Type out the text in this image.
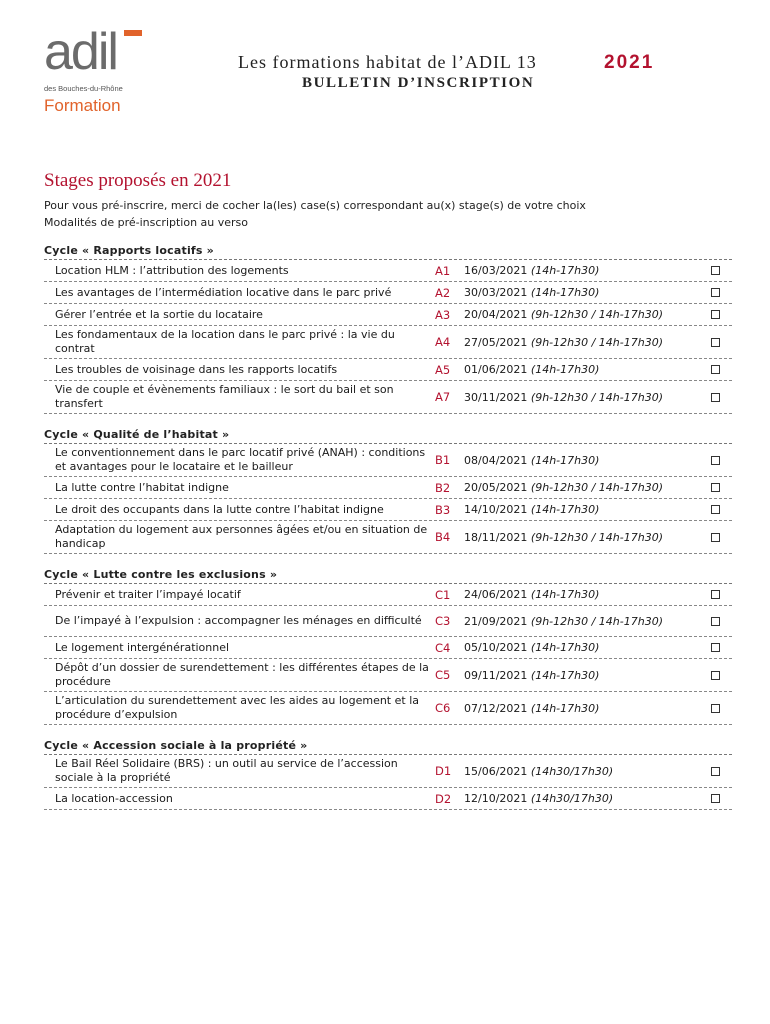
adil
des Bouches-du-Rhône
Formation
Les formations habitat de l’ADIL 13	2021
BULLETIN D’INSCRIPTION
Stages proposés en 2021
Pour vous pré-inscrire, merci de cocher la(les) case(s) correspondant au(x) stage(s) de votre choix
Modalités de pré-inscription au verso
Cycle « Rapports locatifs »
Location HLM : l’attribution des logements	A1	16/03/2021 (14h-17h30)
Les avantages de l’intermédiation locative dans le parc privé	A2	30/03/2021 (14h-17h30)
Gérer l’entrée et la sortie du locataire	A3	20/04/2021 (9h-12h30 / 14h-17h30)
Les fondamentaux de la location dans le parc privé : la vie du contrat	A4	27/05/2021 (9h-12h30 / 14h-17h30)
Les troubles de voisinage dans les rapports locatifs	A5	01/06/2021 (14h-17h30)
Vie de couple et évènements familiaux : le sort du bail et son transfert	A7	30/11/2021 (9h-12h30 / 14h-17h30)
Cycle « Qualité de l’habitat »
Le conventionnement dans le parc locatif privé (ANAH) : conditions et avantages pour le locataire et le bailleur	B1	08/04/2021 (14h-17h30)
La lutte contre l’habitat indigne	B2	20/05/2021 (9h-12h30 / 14h-17h30)
Le droit des occupants dans la lutte contre l’habitat indigne	B3	14/10/2021 (14h-17h30)
Adaptation du logement aux personnes âgées et/ou en situation de handicap	B4	18/11/2021 (9h-12h30 / 14h-17h30)
Cycle « Lutte contre les exclusions »
Prévenir et traiter l’impayé locatif	C1	24/06/2021 (14h-17h30)
De l’impayé à l’expulsion : accompagner les ménages en difficulté	C3	21/09/2021 (9h-12h30 / 14h-17h30)
Le logement intergénérationnel	C4	05/10/2021 (14h-17h30)
Dépôt d’un dossier de surendettement : les différentes étapes de la procédure	C5	09/11/2021 (14h-17h30)
L’articulation du surendettement avec les aides au logement et la procédure d’expulsion	C6	07/12/2021 (14h-17h30)
Cycle « Accession sociale à la propriété »
Le Bail Réel Solidaire (BRS) : un outil au service de l’accession sociale à la propriété	D1	15/06/2021 (14h30/17h30)
La location-accession	D2	12/10/2021 (14h30/17h30)
